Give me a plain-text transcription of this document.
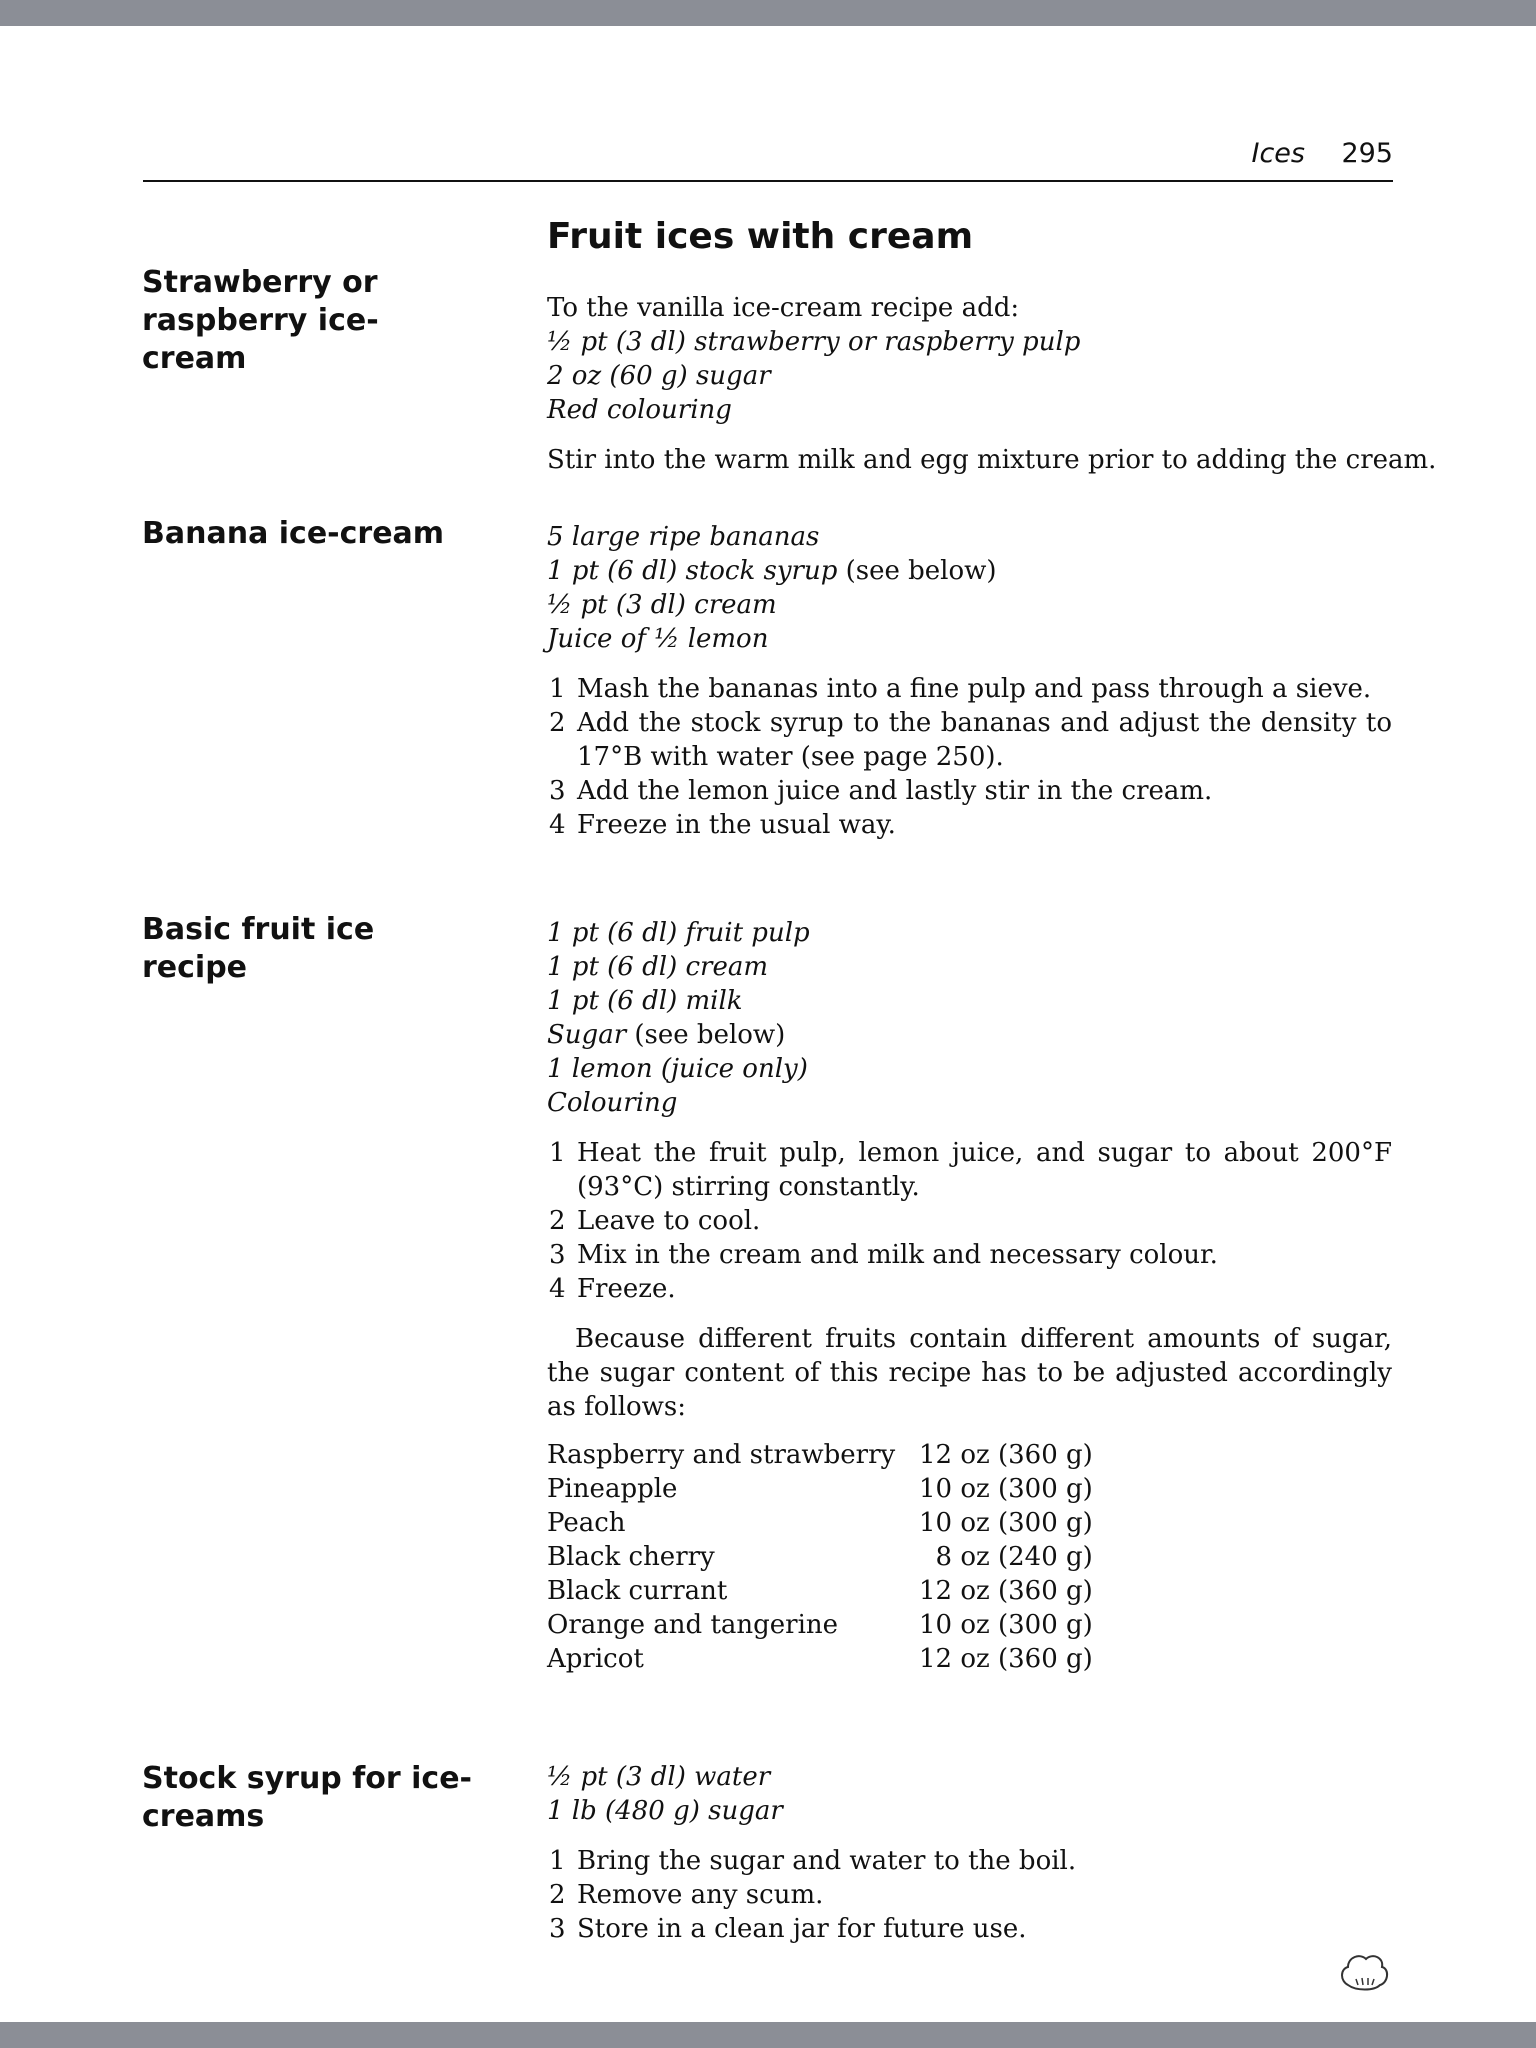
Ices 295
Fruit ices with cream
Strawberry or
raspberry ice-cream
To the vanilla ice-cream recipe add:
½ pt (3 dl) strawberry or raspberry pulp
2 oz (60 g) sugar
Red colouring
Stir into the warm milk and egg mixture prior to adding the cream.
Banana ice-cream	5 large ripe bananas
1 pt (6 dl) stock syrup (see below)
½ pt (3 dl) cream
Juice of ½ lemon
1 Mash the bananas into a fine pulp and pass through a sieve.
2 Add the stock syrup to the bananas and adjust the density to 17°B with water (see page 250).
3 Add the lemon juice and lastly stir in the cream.
4 Freeze in the usual way.
Basic fruit ice recipe
1 pt (6 dl) fruit pulp
1 pt (6 dl) cream
1 pt (6 dl) milk
Sugar (see below)
1 lemon (juice only)
Colouring
1 Heat the fruit pulp, lemon juice, and sugar to about 200°F (93°C) stirring constantly.
2 Leave to cool.
3 Mix in the cream and milk and necessary colour.
4 Freeze.

Because different fruits contain different amounts of sugar, the sugar content of this recipe has to be adjusted accordingly as follows:

Raspberry and strawberry	12 oz (360 g)
Pineapple	10 oz (300 g)
Peach	10 oz (300 g)
Black cherry	8 oz (240 g)
Black currant	12 oz (360 g)
Orange and tangerine	10 oz (300 g)
Apricot	12 oz (360 g)
Stock syrup for ice-
creams
½ pt (3 dl) water
1 lb (480 g) sugar
1 Bring the sugar and water to the boil.
2 Remove any scum.
3 Store in a clean jar for future use.
